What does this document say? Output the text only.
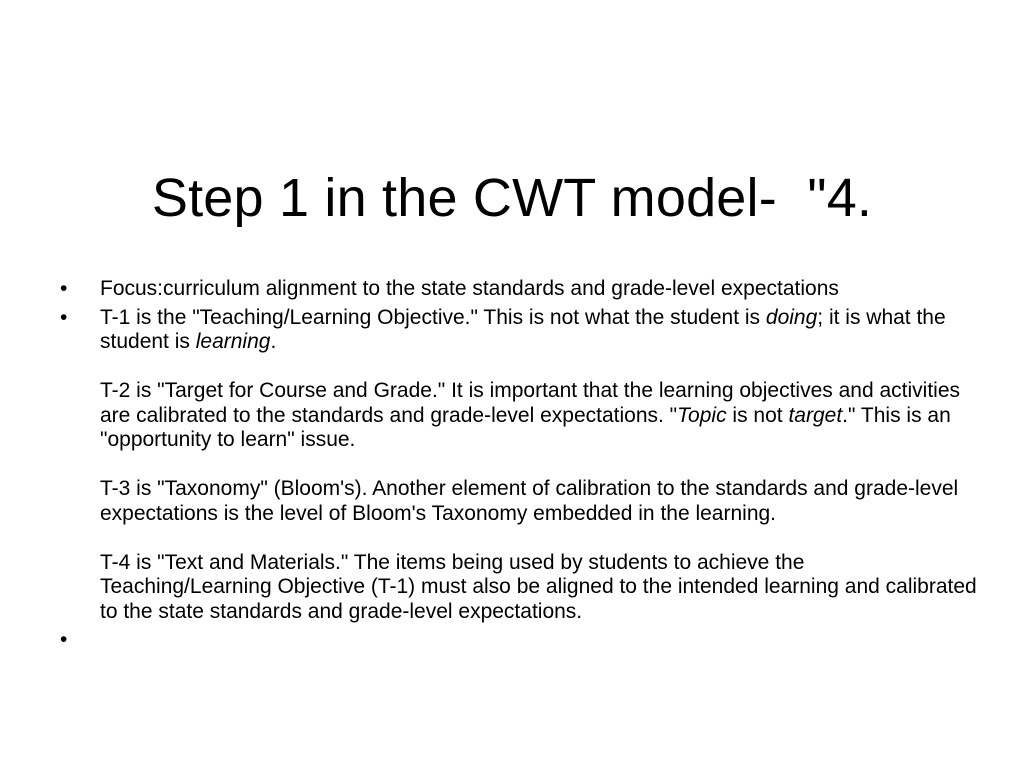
Step 1 in the CWT model-  "4.
•	Focus:curriculum alignment to the state standards and grade-level expectations

•	T-1 is the "Teaching/Learning Objective." This is not what the student is doing; it is what the student is learning.

T-2 is "Target for Course and Grade." It is important that the learning objectives and activities are calibrated to the standards and grade-level expectations. "Topic is not target." This is an "opportunity to learn" issue.

T-3 is "Taxonomy" (Bloom's). Another element of calibration to the standards and grade-level expectations is the level of Bloom's Taxonomy embedded in the learning.

T-4 is "Text and Materials." The items being used by students to achieve the Teaching/Learning Objective (T-1) must also be aligned to the intended learning and calibrated to the state standards and grade-level expectations.

•
